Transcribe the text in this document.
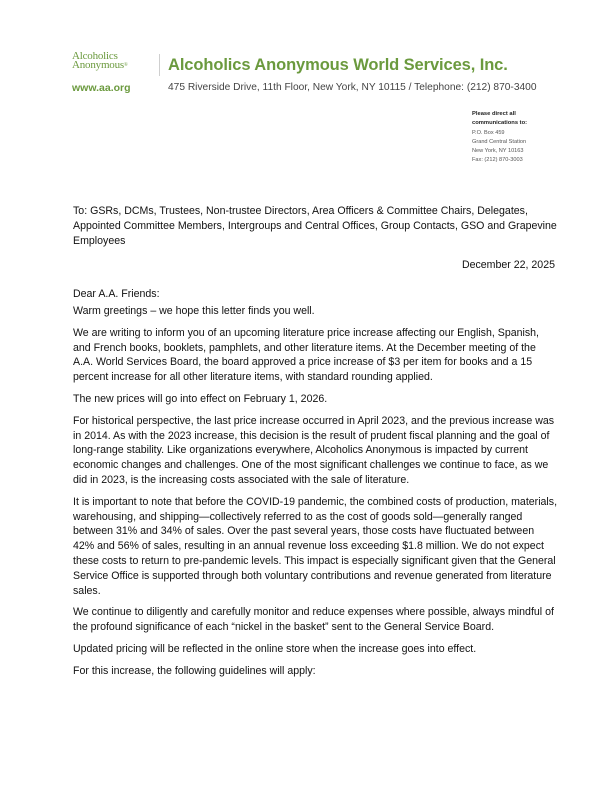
Alcoholics
Anonymous® Alcoholics Anonymous World Services, Inc.
www.aa.org	475 Riverside Drive, 11th Floor, New York, NY 10115 / Telephone: (212) 870-3400
Please direct all
communications to:
P.O. Box 459
Grand Central Station
New York, NY 10163
Fax: (212) 870-3003

To: GSRs, DCMs, Trustees, Non-trustee Directors, Area Officers & Committee Chairs, Delegates, Appointed Committee Members, Intergroups and Central Offices, Group Contacts, GSO and Grapevine Employees

December 22, 2025

Dear A.A. Friends:

Warm greetings – we hope this letter finds you well.

We are writing to inform you of an upcoming literature price increase affecting our English, Spanish, and French books, booklets, pamphlets, and other literature items. At the December meeting of the A.A. World Services Board, the board approved a price increase of $3 per item for books and a 15 percent increase for all other literature items, with standard rounding applied.

The new prices will go into effect on February 1, 2026.

For historical perspective, the last price increase occurred in April 2023, and the previous increase was in 2014. As with the 2023 increase, this decision is the result of prudent fiscal planning and the goal of long-range stability. Like organizations everywhere, Alcoholics Anonymous is impacted by current economic changes and challenges. One of the most significant challenges we continue to face, as we did in 2023, is the increasing costs associated with the sale of literature.

It is important to note that before the COVID-19 pandemic, the combined costs of production, materials, warehousing, and shipping—collectively referred to as the cost of goods sold—generally ranged between 31% and 34% of sales. Over the past several years, those costs have fluctuated between 42% and 56% of sales, resulting in an annual revenue loss exceeding $1.8 million. We do not expect these costs to return to pre-pandemic levels. This impact is especially significant given that the General Service Office is supported through both voluntary contributions and revenue generated from literature sales.

We continue to diligently and carefully monitor and reduce expenses where possible, always mindful of the profound significance of each “nickel in the basket” sent to the General Service Board.

Updated pricing will be reflected in the online store when the increase goes into effect.

For this increase, the following guidelines will apply:
